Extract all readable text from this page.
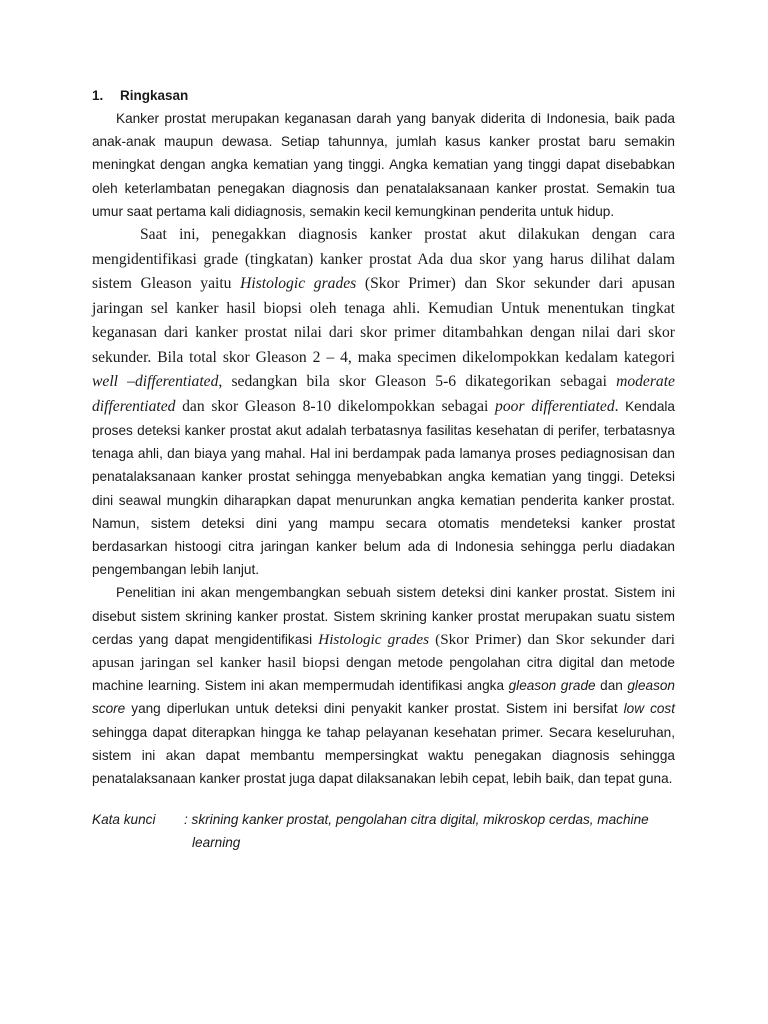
1.	Ringkasan

Kanker prostat merupakan keganasan darah yang banyak diderita di Indonesia, baik pada anak-anak maupun dewasa. Setiap tahunnya, jumlah kasus kanker prostat baru semakin meningkat dengan angka kematian yang tinggi. Angka kematian yang tinggi dapat disebabkan oleh keterlambatan penegakan diagnosis dan penatalaksanaan kanker prostat. Semakin tua umur saat pertama kali didiagnosis, semakin kecil kemungkinan penderita untuk hidup.

Saat ini, penegakkan diagnosis kanker prostat akut dilakukan dengan cara mengidentifikasi grade (tingkatan) kanker prostat Ada dua skor yang harus dilihat dalam sistem Gleason yaitu Histologic grades (Skor Primer) dan Skor sekunder dari apusan jaringan sel kanker hasil biopsi oleh tenaga ahli. Kemudian Untuk menentukan tingkat keganasan dari kanker prostat nilai dari skor primer ditambahkan dengan nilai dari skor sekunder. Bila total skor Gleason 2 – 4, maka specimen dikelompokkan kedalam kategori well –differentiated, sedangkan bila skor Gleason 5-6 dikategorikan sebagai moderate differentiated dan skor Gleason 8-10 dikelompokkan sebagai poor differentiated. Kendala proses deteksi kanker prostat akut adalah terbatasnya fasilitas kesehatan di perifer, terbatasnya tenaga ahli, dan biaya yang mahal. Hal ini berdampak pada lamanya proses pediagnosisan dan penatalaksanaan kanker prostat sehingga menyebabkan angka kematian yang tinggi. Deteksi dini seawal mungkin diharapkan dapat menurunkan angka kematian penderita kanker prostat. Namun, sistem deteksi dini yang mampu secara otomatis mendeteksi kanker prostat berdasarkan histoogi citra jaringan kanker belum ada di Indonesia sehingga perlu diadakan pengembangan lebih lanjut.

Penelitian ini akan mengembangkan sebuah sistem deteksi dini kanker prostat. Sistem ini disebut sistem skrining kanker prostat. Sistem skrining kanker prostat merupakan suatu sistem cerdas yang dapat mengidentifikasi Histologic grades (Skor Primer) dan Skor sekunder dari apusan jaringan sel kanker hasil biopsi dengan metode pengolahan citra digital dan metode machine learning. Sistem ini akan mempermudah identifikasi angka gleason grade dan gleason score yang diperlukan untuk deteksi dini penyakit kanker prostat. Sistem ini bersifat low cost sehingga dapat diterapkan hingga ke tahap pelayanan kesehatan primer. Secara keseluruhan, sistem ini akan dapat membantu mempersingkat waktu penegakan diagnosis sehingga penatalaksanaan kanker prostat juga dapat dilaksanakan lebih cepat, lebih baik, dan tepat guna.

Kata kunci	: skrining kanker prostat, pengolahan citra digital, mikroskop cerdas, machine learning
